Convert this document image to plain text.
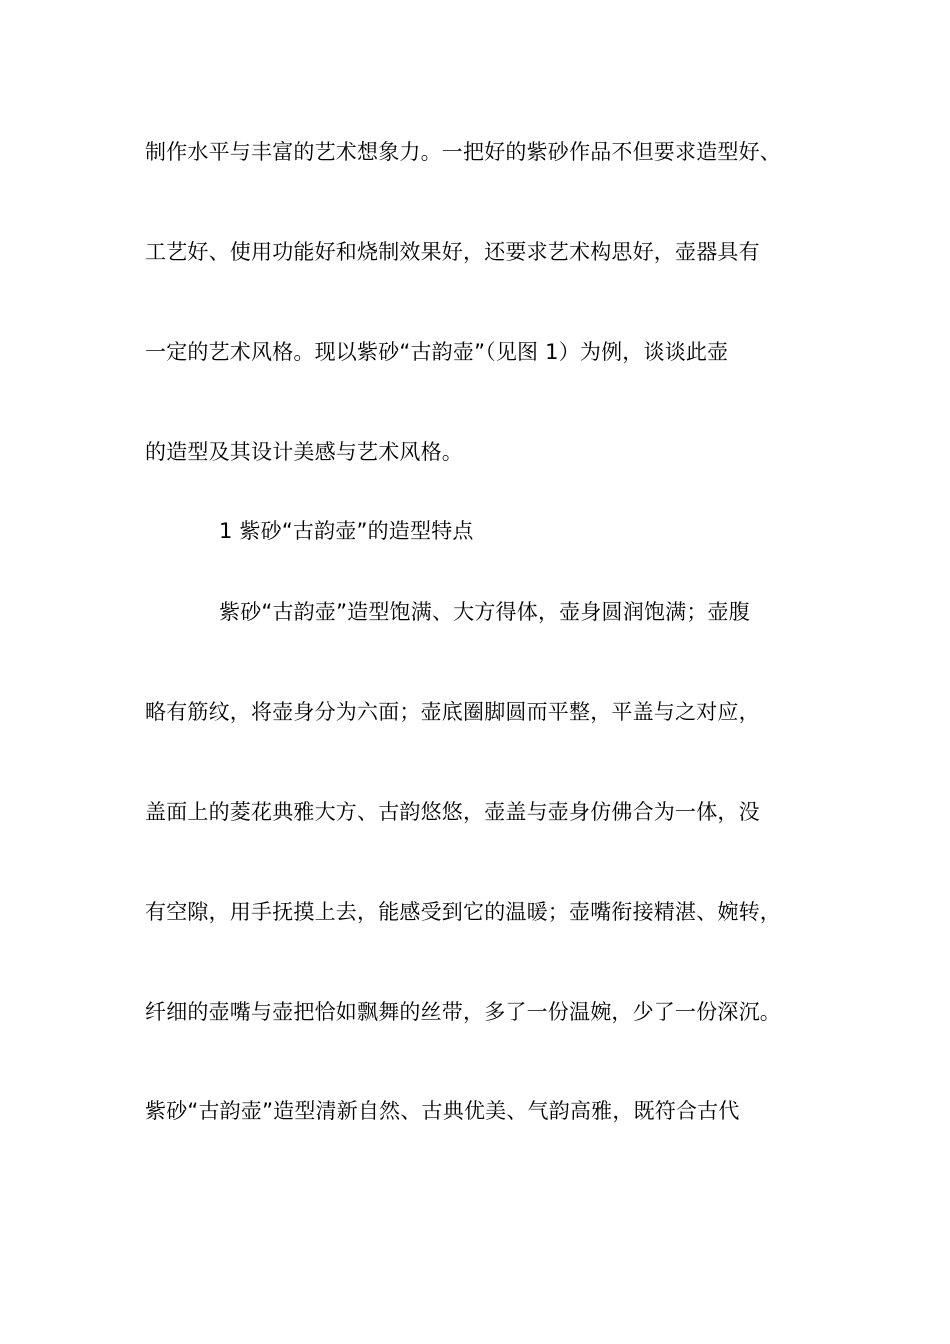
制作水平与丰富的艺术想象力。一把好的紫砂作品不但要求造型好、
工艺好、使用功能好和烧制效果好，还要求艺术构思好，壶器具有
一定的艺术风格。现以紫砂“古韵壶”（见图 1）为例，谈谈此壶
的造型及其设计美感与艺术风格。
1 紫砂“古韵壶”的造型特点
紫砂“古韵壶”造型饱满、大方得体，壶身圆润饱满；壶腹
略有筋纹，将壶身分为六面；壶底圈脚圆而平整，平盖与之对应，
盖面上的菱花典雅大方、古韵悠悠，壶盖与壶身仿佛合为一体，没
有空隙，用手抚摸上去，能感受到它的温暖；壶嘴衔接精湛、婉转，
纤细的壶嘴与壶把恰如飘舞的丝带，多了一份温婉，少了一份深沉。
紫砂“古韵壶”造型清新自然、古典优美、气韵高雅，既符合古代
